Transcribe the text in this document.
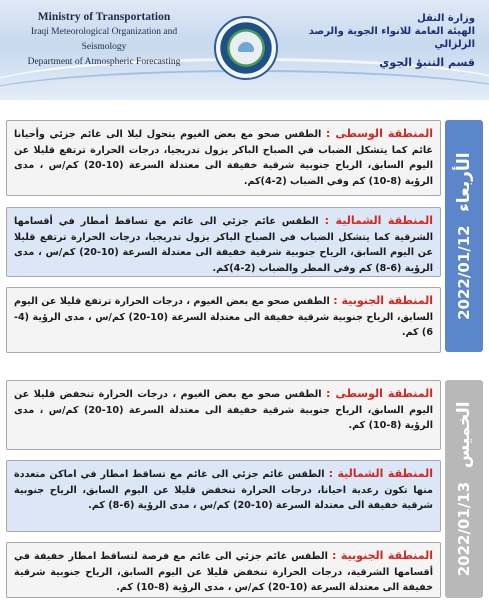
Ministry of Transportation
Iraqi Meteorological Organization and Seismology
Department of Atmospheric Forecasting
وزارة النقل
الهيئة العامة للانواء الجوية والرصد الزلزالي
قسم التنبؤ الجوي
2022/01/12
الأربعاء
المنطقة الوسطى : الطقس صحو مع بعض الغيوم يتحول ليلا الى غائم جزئي وأحيانا غائم كما يتشكل الضباب في الصباح الباكر يزول تدريجيا، درجات الحرارة ترتفع قليلا عن اليوم السابق، الرياح جنوبية شرقية خفيفة الى معتدلة السرعة (10-20) كم/س ، مدى الرؤية (8-10) كم وفي الضباب (2-4)كم.
المنطقة الشمالية : الطقس غائم جزئي الى غائم مع تساقط أمطار في أقسامها الشرقية كما يتشكل الضباب في الصباح الباكر يزول تدريجيا، درجات الحرارة ترتفع قليلا عن اليوم السابق، الرياح جنوبية شرقية خفيفة الى معتدلة السرعة (10-20) كم/س ، مدى الرؤية (6-8) كم وفي المطر والضباب (2-4)كم.
المنطقة الجنوبية : الطقس صحو مع بعض الغيوم ، درجات الحرارة ترتفع قليلا عن اليوم السابق، الرياح جنوبية شرقية خفيفة الى معتدلة السرعة (10-20) كم/س ، مدى الرؤية (4-6) كم.
2022/01/13
الخميس
المنطقة الوسطى : الطقس صحو مع بعض الغيوم ، درجات الحرارة تنخفض قليلا عن اليوم السابق، الرياح جنوبية شرقية خفيفة الى معتدلة السرعة (10-20) كم/س ، مدى الرؤية (8-10) كم.
المنطقة الشمالية : الطقس غائم جزئي الى غائم مع تساقط امطار في اماكن متعددة منها تكون رعدية احيانا، درجات الحرارة تنخفض قليلا عن اليوم السابق، الرياح جنوبية شرقية خفيفة الى معتدلة السرعة (10-20) كم/س ، مدى الرؤية (6-8) كم.
المنطقة الجنوبية : الطقس غائم جزئي الى غائم مع فرصة لتساقط امطار خفيفة في أقسامها الشرقية، درجات الحرارة تنخفض قليلا عن اليوم السابق، الرياح جنوبية شرقية خفيفة الى معتدلة السرعة (10-20) كم/س ، مدى الرؤية (8-10) كم.
